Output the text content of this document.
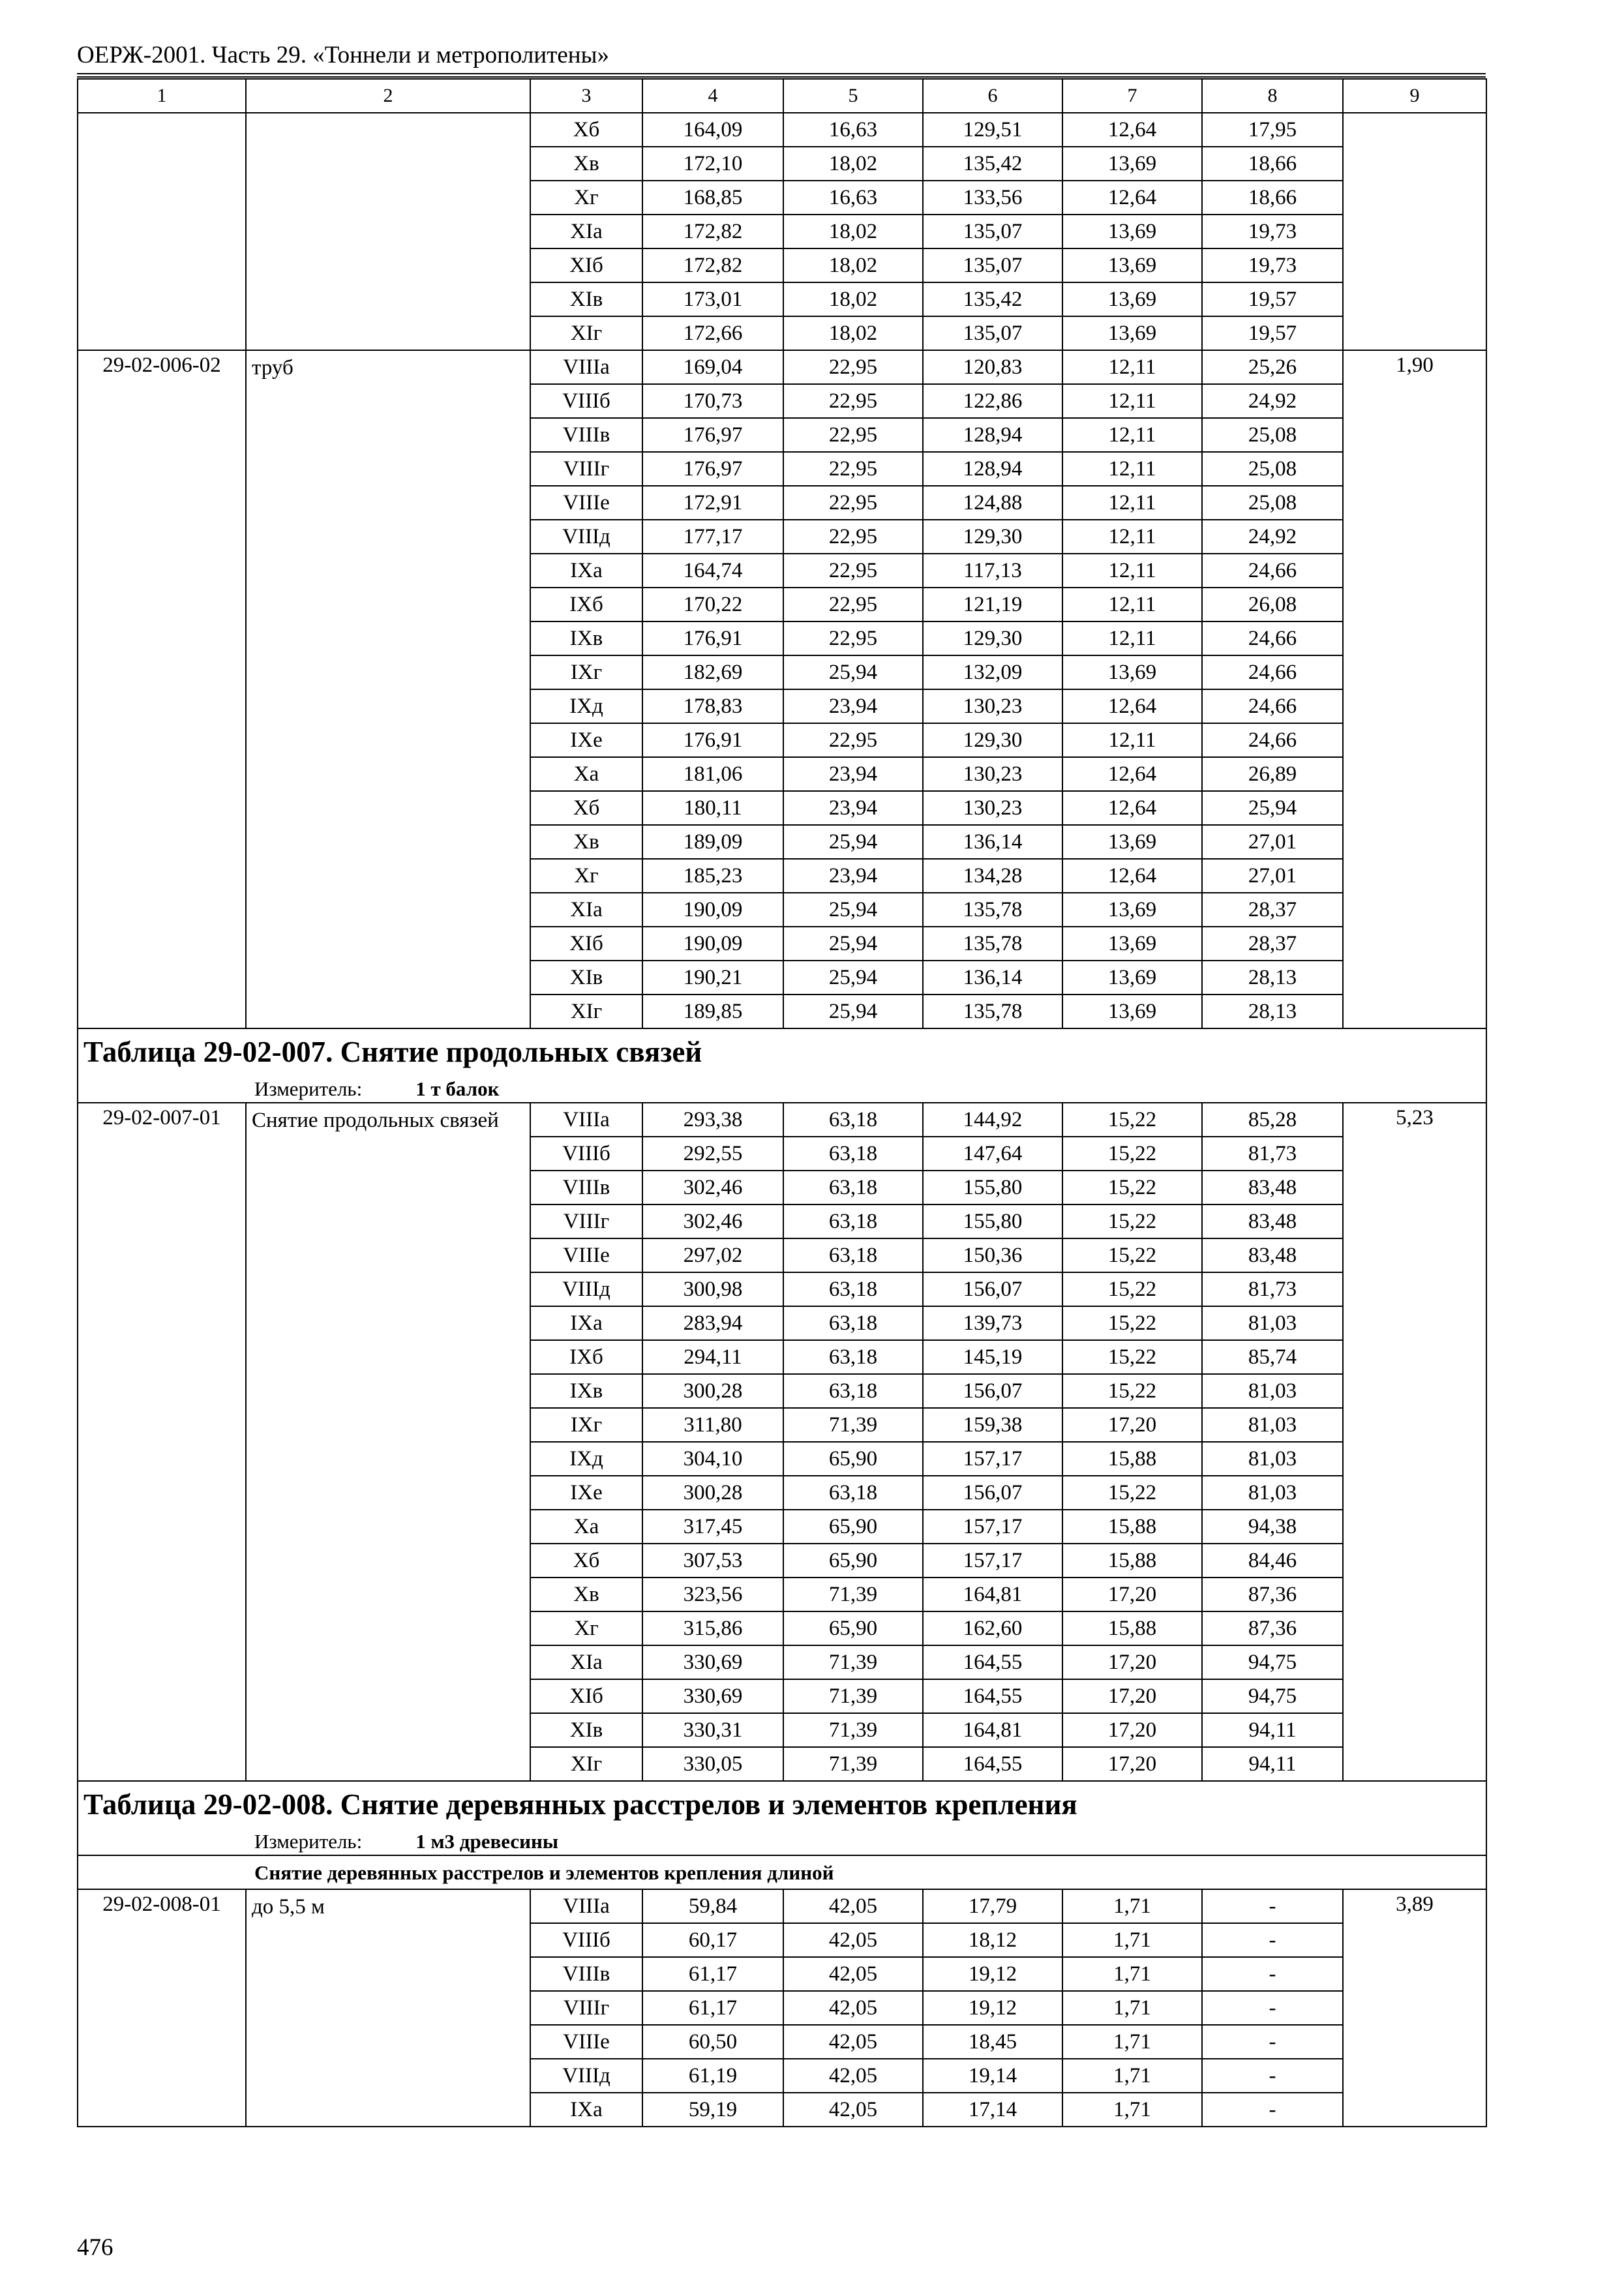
ОЕРЖ-2001. Часть 29. «Тоннели и метрополитены»
1	2	3	4	5	6	7	8	9
		Xб	164,09	16,63	129,51	12,64	17,95	
		Xв	172,10	18,02	135,42	13,69	18,66	
		Xг	168,85	16,63	133,56	12,64	18,66	
		XIа	172,82	18,02	135,07	13,69	19,73	
		XIб	172,82	18,02	135,07	13,69	19,73	
		XIв	173,01	18,02	135,42	13,69	19,57	
		XIг	172,66	18,02	135,07	13,69	19,57	
29-02-006-02	труб	VIIIа	169,04	22,95	120,83	12,11	25,26	1,90
		VIIIб	170,73	22,95	122,86	12,11	24,92	
		VIIIв	176,97	22,95	128,94	12,11	25,08	
		VIIIг	176,97	22,95	128,94	12,11	25,08	
		VIIIе	172,91	22,95	124,88	12,11	25,08	
		VIIIд	177,17	22,95	129,30	12,11	24,92	
		IXа	164,74	22,95	117,13	12,11	24,66	
		IXб	170,22	22,95	121,19	12,11	26,08	
		IXв	176,91	22,95	129,30	12,11	24,66	
		IXг	182,69	25,94	132,09	13,69	24,66	
		IXд	178,83	23,94	130,23	12,64	24,66	
		IXе	176,91	22,95	129,30	12,11	24,66	
		Xа	181,06	23,94	130,23	12,64	26,89	
		Xб	180,11	23,94	130,23	12,64	25,94	
		Xв	189,09	25,94	136,14	13,69	27,01	
		Xг	185,23	23,94	134,28	12,64	27,01	
		XIа	190,09	25,94	135,78	13,69	28,37	
		XIб	190,09	25,94	135,78	13,69	28,37	
		XIв	190,21	25,94	136,14	13,69	28,13	
		XIг	189,85	25,94	135,78	13,69	28,13	
Таблица 29-02-007. Снятие продольных связей								
Измеритель: 1 т балок								
29-02-007-01	Снятие продольных связей	VIIIа	293,38	63,18	144,92	15,22	85,28	5,23
		VIIIб	292,55	63,18	147,64	15,22	81,73	
		VIIIв	302,46	63,18	155,80	15,22	83,48	
		VIIIг	302,46	63,18	155,80	15,22	83,48	
		VIIIе	297,02	63,18	150,36	15,22	83,48	
		VIIIд	300,98	63,18	156,07	15,22	81,73	
		IXа	283,94	63,18	139,73	15,22	81,03	
		IXб	294,11	63,18	145,19	15,22	85,74	
		IXв	300,28	63,18	156,07	15,22	81,03	
		IXг	311,80	71,39	159,38	17,20	81,03	
		IXд	304,10	65,90	157,17	15,88	81,03	
		IXе	300,28	63,18	156,07	15,22	81,03	
		Xа	317,45	65,90	157,17	15,88	94,38	
		Xб	307,53	65,90	157,17	15,88	84,46	
		Xв	323,56	71,39	164,81	17,20	87,36	
		Xг	315,86	65,90	162,60	15,88	87,36	
		XIа	330,69	71,39	164,55	17,20	94,75	
		XIб	330,69	71,39	164,55	17,20	94,75	
		XIв	330,31	71,39	164,81	17,20	94,11	
		XIг	330,05	71,39	164,55	17,20	94,11	
Таблица 29-02-008. Снятие деревянных расстрелов и элементов крепления								
Измеритель: 1 м3 древесины								
Снятие деревянных расстрелов и элементов крепления длиной								
29-02-008-01	до 5,5 м	VIIIа	59,84	42,05	17,79	1,71	-	3,89
		VIIIб	60,17	42,05	18,12	1,71	-	
		VIIIв	61,17	42,05	19,12	1,71	-	
		VIIIг	61,17	42,05	19,12	1,71	-	
		VIIIе	60,50	42,05	18,45	1,71	-	
		VIIIд	61,19	42,05	19,14	1,71	-	
		IXа	59,19	42,05	17,14	1,71	-	
476
